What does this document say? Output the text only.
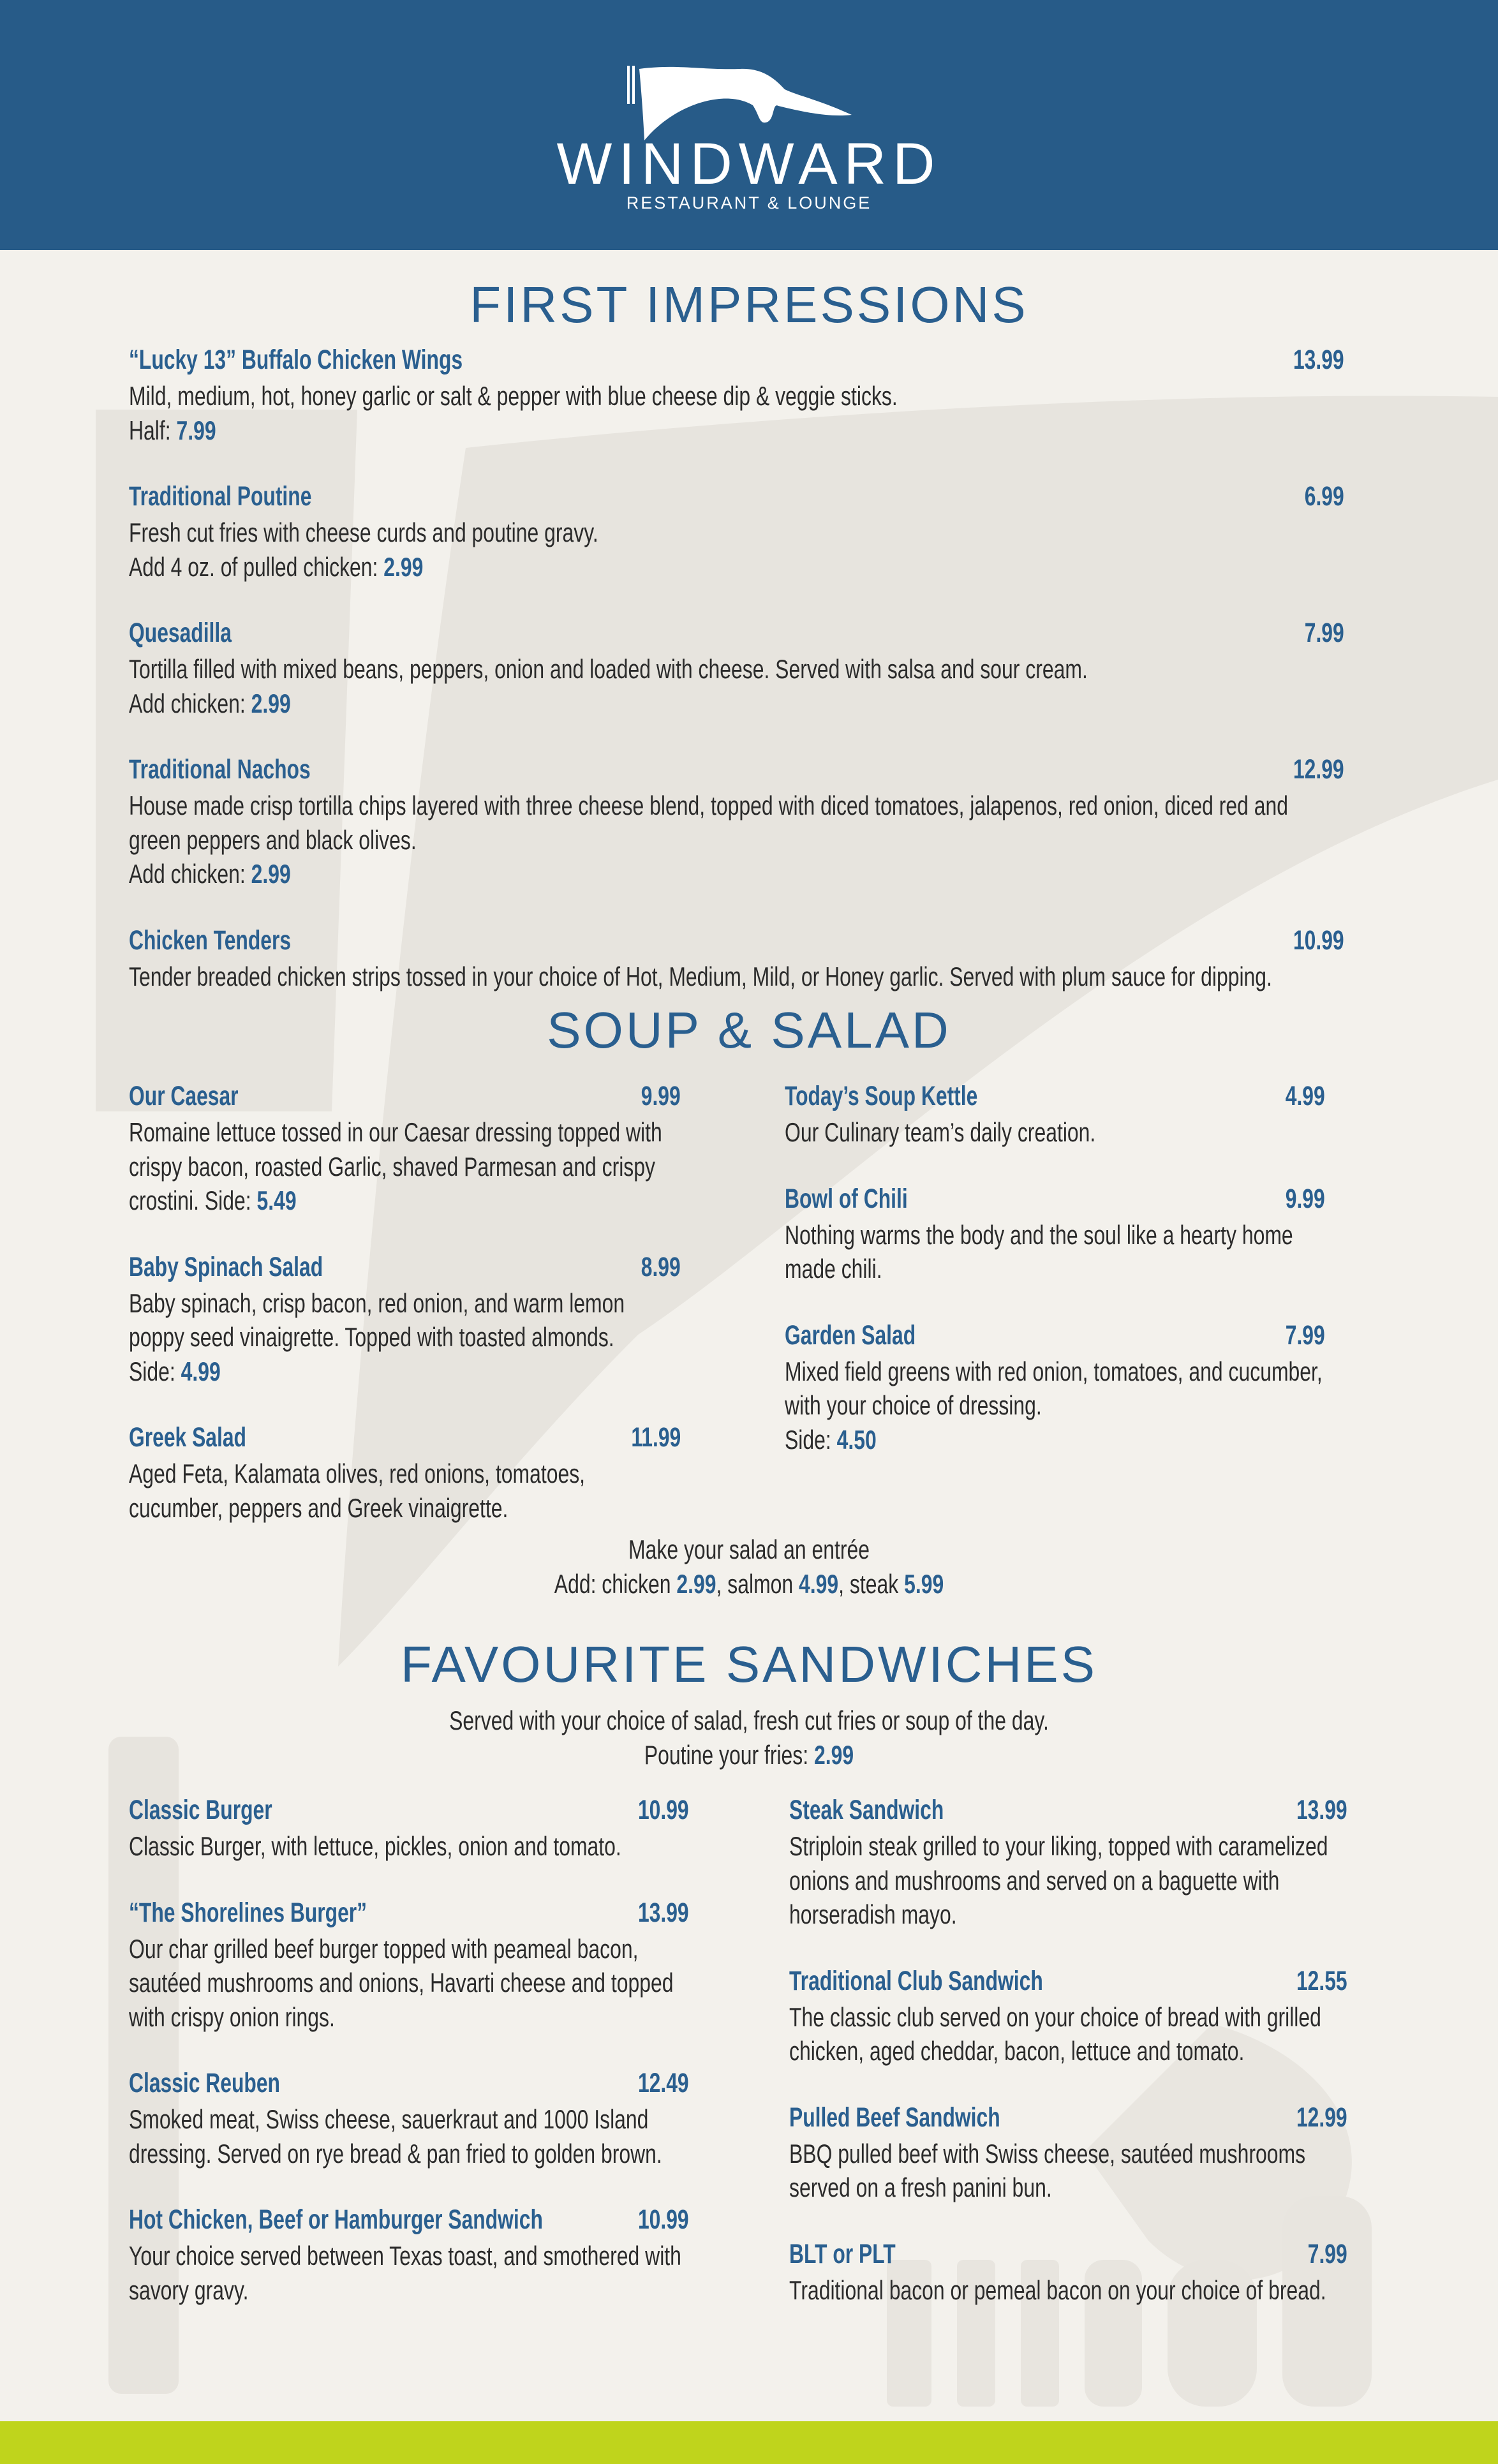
WINDWARD
RESTAURANT & LOUNGE
FIRST IMPRESSIONS
“Lucky 13” Buffalo Chicken Wings	13.99
Mild, medium, hot, honey garlic or salt & pepper with blue cheese dip & veggie sticks.
Half: 7.99
Traditional Poutine	6.99
Fresh cut fries with cheese curds and poutine gravy.
Add 4 oz. of pulled chicken: 2.99
Quesadilla	7.99
Tortilla filled with mixed beans, peppers, onion and loaded with cheese. Served with salsa and sour cream.
Add chicken: 2.99
Traditional Nachos	12.99
House made crisp tortilla chips layered with three cheese blend, topped with diced tomatoes, jalapenos, red onion, diced red and green peppers and black olives.
Add chicken: 2.99
Chicken Tenders	10.99
Tender breaded chicken strips tossed in your choice of Hot, Medium, Mild, or Honey garlic. Served with plum sauce for dipping.
SOUP & SALAD
Our Caesar	9.99
Romaine lettuce tossed in our Caesar dressing topped with crispy bacon, roasted Garlic, shaved Parmesan and crispy crostini. Side: 5.49
Baby Spinach Salad	8.99
Baby spinach, crisp bacon, red onion, and warm lemon poppy seed vinaigrette. Topped with toasted almonds.
Side: 4.99
Greek Salad	11.99
Aged Feta, Kalamata olives, red onions, tomatoes, cucumber, peppers and Greek vinaigrette.
Today’s Soup Kettle	4.99
Our Culinary team’s daily creation.
Bowl of Chili	9.99
Nothing warms the body and the soul like a hearty home made chili.
Garden Salad	7.99
Mixed field greens with red onion, tomatoes, and cucumber, with your choice of dressing.
Side: 4.50
Make your salad an entrée
Add: chicken 2.99, salmon 4.99, steak 5.99
FAVOURITE SANDWICHES
Served with your choice of salad, fresh cut fries or soup of the day.
Poutine your fries: 2.99
Classic Burger	10.99
Classic Burger, with lettuce, pickles, onion and tomato.
“The Shorelines Burger”	13.99
Our char grilled beef burger topped with peameal bacon, sautéed mushrooms and onions, Havarti cheese and topped with crispy onion rings.
Classic Reuben	12.49
Smoked meat, Swiss cheese, sauerkraut and 1000 Island dressing. Served on rye bread & pan fried to golden brown.
Hot Chicken, Beef or Hamburger Sandwich	10.99
Your choice served between Texas toast, and smothered with savory gravy.
Steak Sandwich	13.99
Striploin steak grilled to your liking, topped with caramelized onions and mushrooms and served on a baguette with horseradish mayo.
Traditional Club Sandwich	12.55
The classic club served on your choice of bread with grilled chicken, aged cheddar, bacon, lettuce and tomato.
Pulled Beef Sandwich	12.99
BBQ pulled beef with Swiss cheese, sautéed mushrooms served on a fresh panini bun.
BLT or PLT	7.99
Traditional bacon or pemeal bacon on your choice of bread.
